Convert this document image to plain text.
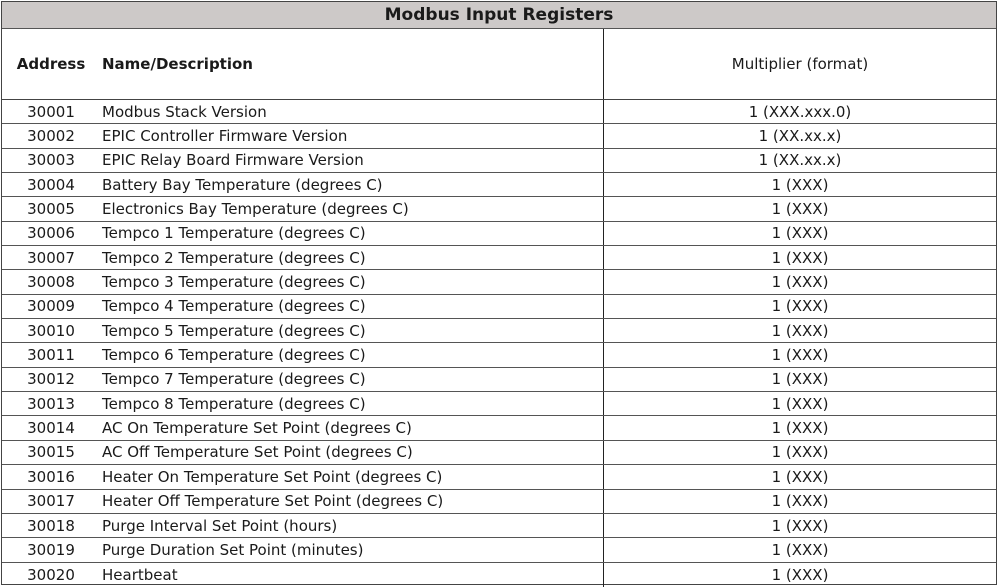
Modbus Input Registers
Address	Name/Description	Multiplier (format)
30001	Modbus Stack Version	1 (XXX.xxx.0)
30002	EPIC Controller Firmware Version	1 (XX.xx.x)
30003	EPIC Relay Board Firmware Version	1 (XX.xx.x)
30004	Battery Bay Temperature (degrees C)	1 (XXX)
30005	Electronics Bay Temperature (degrees C)	1 (XXX)
30006	Tempco 1 Temperature (degrees C)	1 (XXX)
30007	Tempco 2 Temperature (degrees C)	1 (XXX)
30008	Tempco 3 Temperature (degrees C)	1 (XXX)
30009	Tempco 4 Temperature (degrees C)	1 (XXX)
30010	Tempco 5 Temperature (degrees C)	1 (XXX)
30011	Tempco 6 Temperature (degrees C)	1 (XXX)
30012	Tempco 7 Temperature (degrees C)	1 (XXX)
30013	Tempco 8 Temperature (degrees C)	1 (XXX)
30014	AC On Temperature Set Point (degrees C)	1 (XXX)
30015	AC Off Temperature Set Point (degrees C)	1 (XXX)
30016	Heater On Temperature Set Point (degrees C)	1 (XXX)
30017	Heater Off Temperature Set Point (degrees C)	1 (XXX)
30018	Purge Interval Set Point (hours)	1 (XXX)
30019	Purge Duration Set Point (minutes)	1 (XXX)
30020	Heartbeat	1 (XXX)
